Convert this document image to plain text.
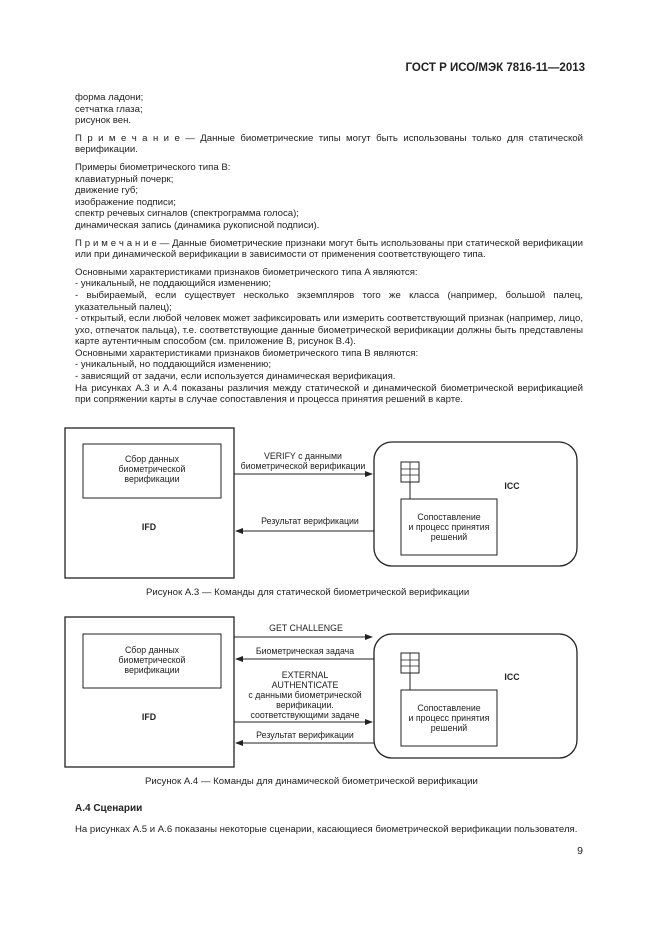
ГОСТ Р ИСО/МЭК 7816-11—2013

форма ладони;

сетчатка глаза;

рисунок вен.

П р и м е ч а н и е — Данные биометрические типы могут быть использованы только для статической верификации.

Примеры биометрического типа B:

клавиатурный почерк;

движение губ;

изображение подписи;

спектр речевых сигналов (спектрограмма голоса);

динамическая запись (динамика рукописной подписи).

П р и м е ч а н и е — Данные биометрические признаки могут быть использованы при статической верификации или при динамической верификации в зависимости от применения соответствующего типа.

Основными характеристиками признаков биометрического типа A являются:

- уникальный, не поддающийся изменению;

- выбираемый, если существует несколько экземпляров того же класса (например, большой палец, указательный палец);

- открытый, если любой человек может зафиксировать или измерить соответствующий признак (например, лицо, ухо, отпечаток пальца), т.е. соответствующие данные биометрической верификации должны быть представлены карте аутентичным способом (см. приложение B, рисунок B.4).

Основными характеристиками признаков биометрического типа B являются:

- уникальный, но поддающийся изменению;

- зависящий от задачи, если используется динамическая верификация.

На рисунках А.3 и А.4 показаны различия между статической и динамической биометрической верификацией при сопряжении карты в случае сопоставления и процесса принятия решений в карте.

Сбор данных
биометрической
верификации
IFD
ICC
Сопоставление
и процесс принятия
решений
VERIFY с данными
биометрической верификации
Результат верификации
Сбор данных
биометрической
верификации
IFD
ICC
Сопоставление
и процесс принятия
решений
GET CHALLENGE
Биометрическая задача
EXTERNAL
AUTHENTICATE
с данными биометрической
верификации.
соответствующими задаче
Результат верификации
Рисунок А.3 — Команды для статической биометрической верификации
Рисунок А.4 — Команды для динамической биометрической верификации
А.4 Сценарии
На рисунках А.5 и А.6 показаны некоторые сценарии, касающиеся биометрической верификации пользователя.
9
